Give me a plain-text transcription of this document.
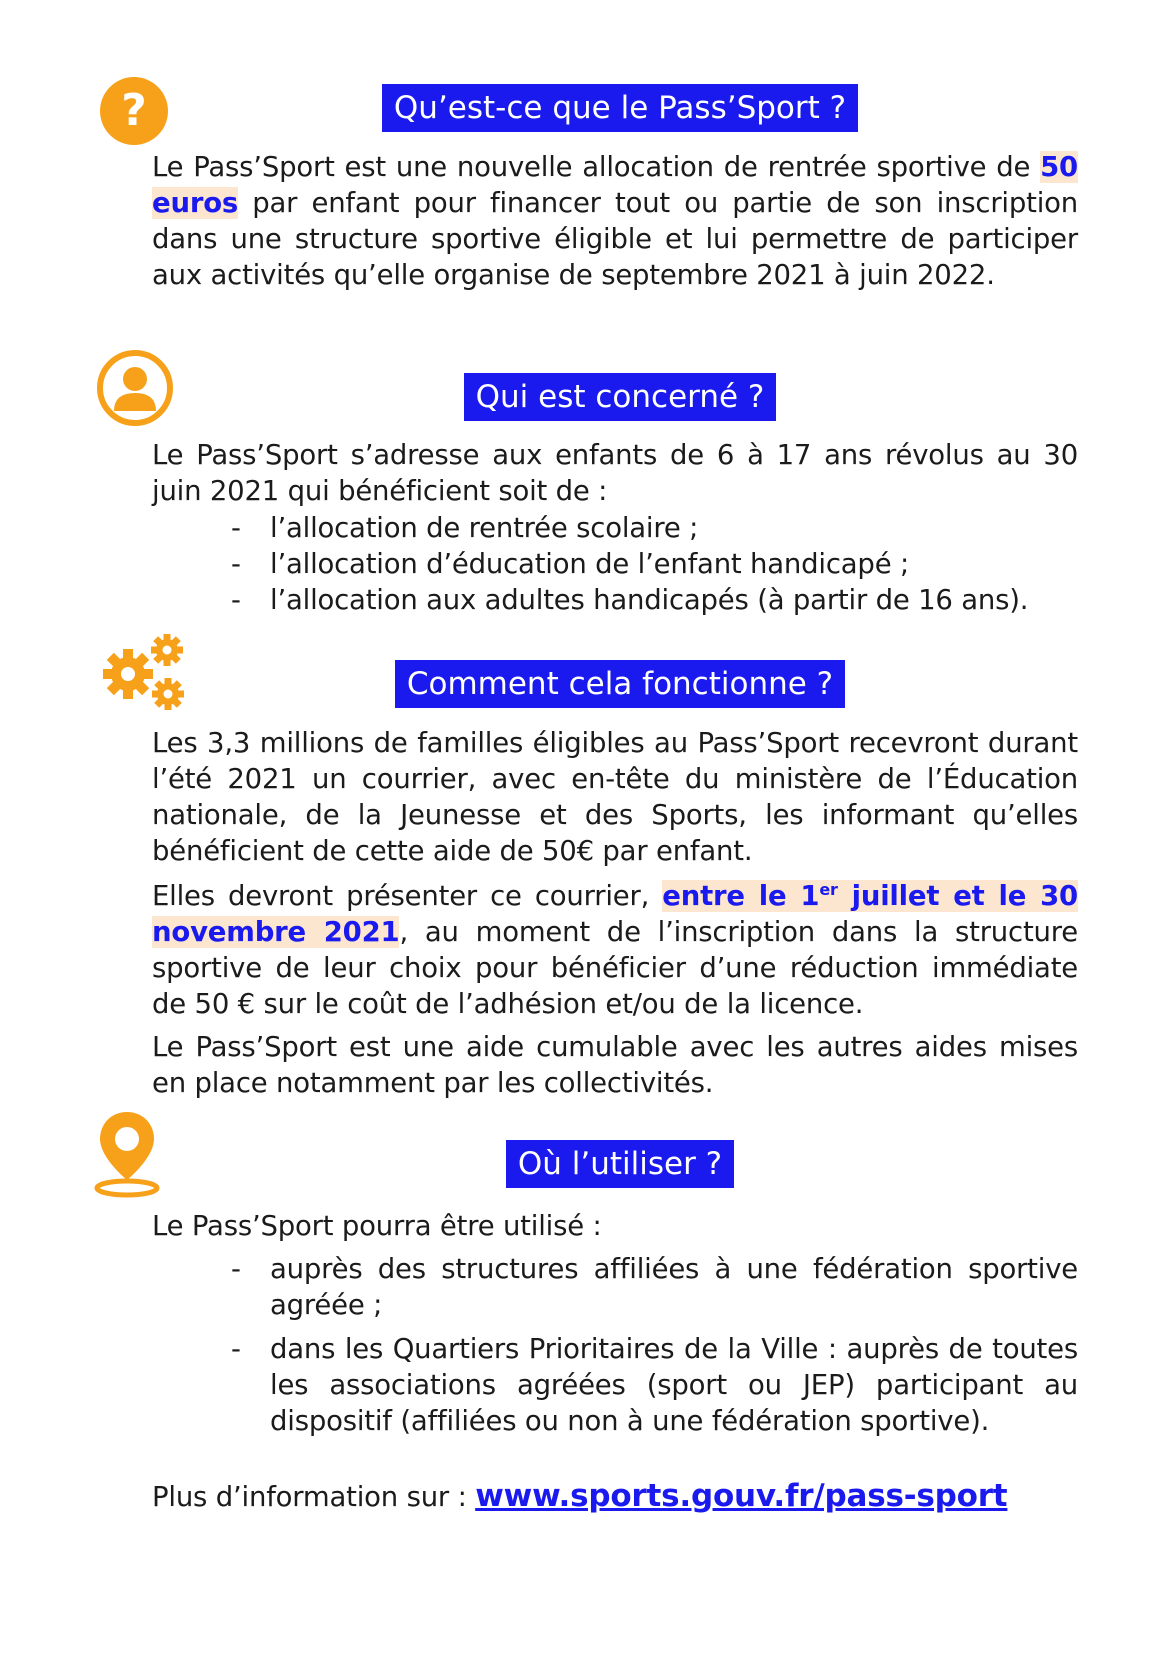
?	Qu’est-ce que le Pass’Sport ?

Le Pass’Sport est une nouvelle allocation de rentrée sportive de 50 euros par enfant pour financer tout ou partie de son inscription dans une structure sportive éligible et lui permettre de participer aux activités qu’elle organise de septembre 2021 à juin 2022.

Qui est concerné ?

Le Pass’Sport s’adresse aux enfants de 6 à 17 ans révolus au 30 juin 2021 qui bénéficient soit de :

- l’allocation de rentrée scolaire ;
- l’allocation d’éducation de l’enfant handicapé ;
- l’allocation aux adultes handicapés (à partir de 16 ans).
Comment cela fonctionne ?

Les 3,3 millions de familles éligibles au Pass’Sport recevront durant l’été 2021 un courrier, avec en-tête du ministère de l’Éducation nationale, de la Jeunesse et des Sports, les informant qu’elles bénéficient de cette aide de 50€ par enfant.

Elles devront présenter ce courrier, entre le 1er juillet et le 30 novembre 2021, au moment de l’inscription dans la structure sportive de leur choix pour bénéficier d’une réduction immédiate de 50 € sur le coût de l’adhésion et/ou de la licence.

Le Pass’Sport est une aide cumulable avec les autres aides mises en place notamment par les collectivités.

Où l’utiliser ?

Le Pass’Sport pourra être utilisé :

- auprès des structures affiliées à une fédération sportive agréée ;
- dans les Quartiers Prioritaires de la Ville : auprès de toutes les associations agréées (sport ou JEP) participant au dispositif (affiliées ou non à une fédération sportive).

Plus d’information sur : www.sports.gouv.fr/pass-sport
